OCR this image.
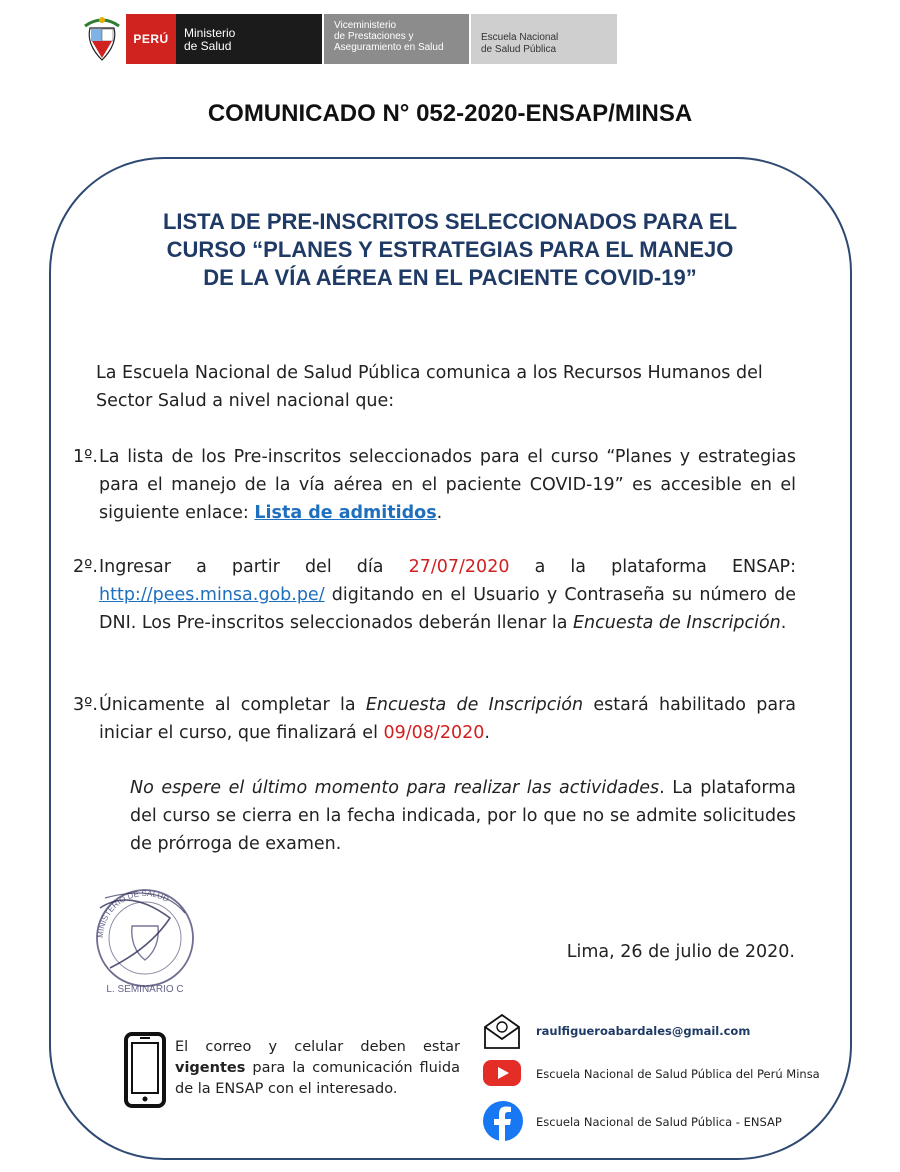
PERÚ	Ministerio
de Salud
Viceministerio
de Prestaciones y
Aseguramiento en Salud
Escuela Nacional
de Salud Pública
COMUNICADO N° 052-2020-ENSAP/MINSA
LISTA DE PRE-INSCRITOS SELECCIONADOS PARA EL
CURSO “PLANES Y ESTRATEGIAS PARA EL MANEJO
DE LA VÍA AÉREA EN EL PACIENTE COVID-19”
La Escuela Nacional de Salud Pública comunica a los Recursos Humanos del Sector Salud a nivel nacional que:
1º. La lista de los Pre-inscritos seleccionados para el curso “Planes y estrategias para el manejo de la vía aérea en el paciente COVID-19” es accesible en el siguiente enlace: Lista de admitidos.
2º. Ingresar a partir del día 27/07/2020 a la plataforma ENSAP: http://pees.minsa.gob.pe/ digitando en el Usuario y Contraseña su número de DNI. Los Pre-inscritos seleccionados deberán llenar la Encuesta de Inscripción.
3º. Únicamente al completar la Encuesta de Inscripción estará habilitado para iniciar el curso, que finalizará el 09/08/2020.
No espere el último momento para realizar las actividades. La plataforma del curso se cierra en la fecha indicada, por lo que no se admite solicitudes de prórroga de examen.
MINISTERIO DE SALUD
L. SEMINARIO C
Lima, 26 de julio de 2020.
El correo y celular deben estar vigentes para la comunicación fluida de la ENSAP con el interesado.
raulfigueroabardales@gmail.com
Escuela Nacional de Salud Pública del Perú Minsa
Escuela Nacional de Salud Pública - ENSAP
